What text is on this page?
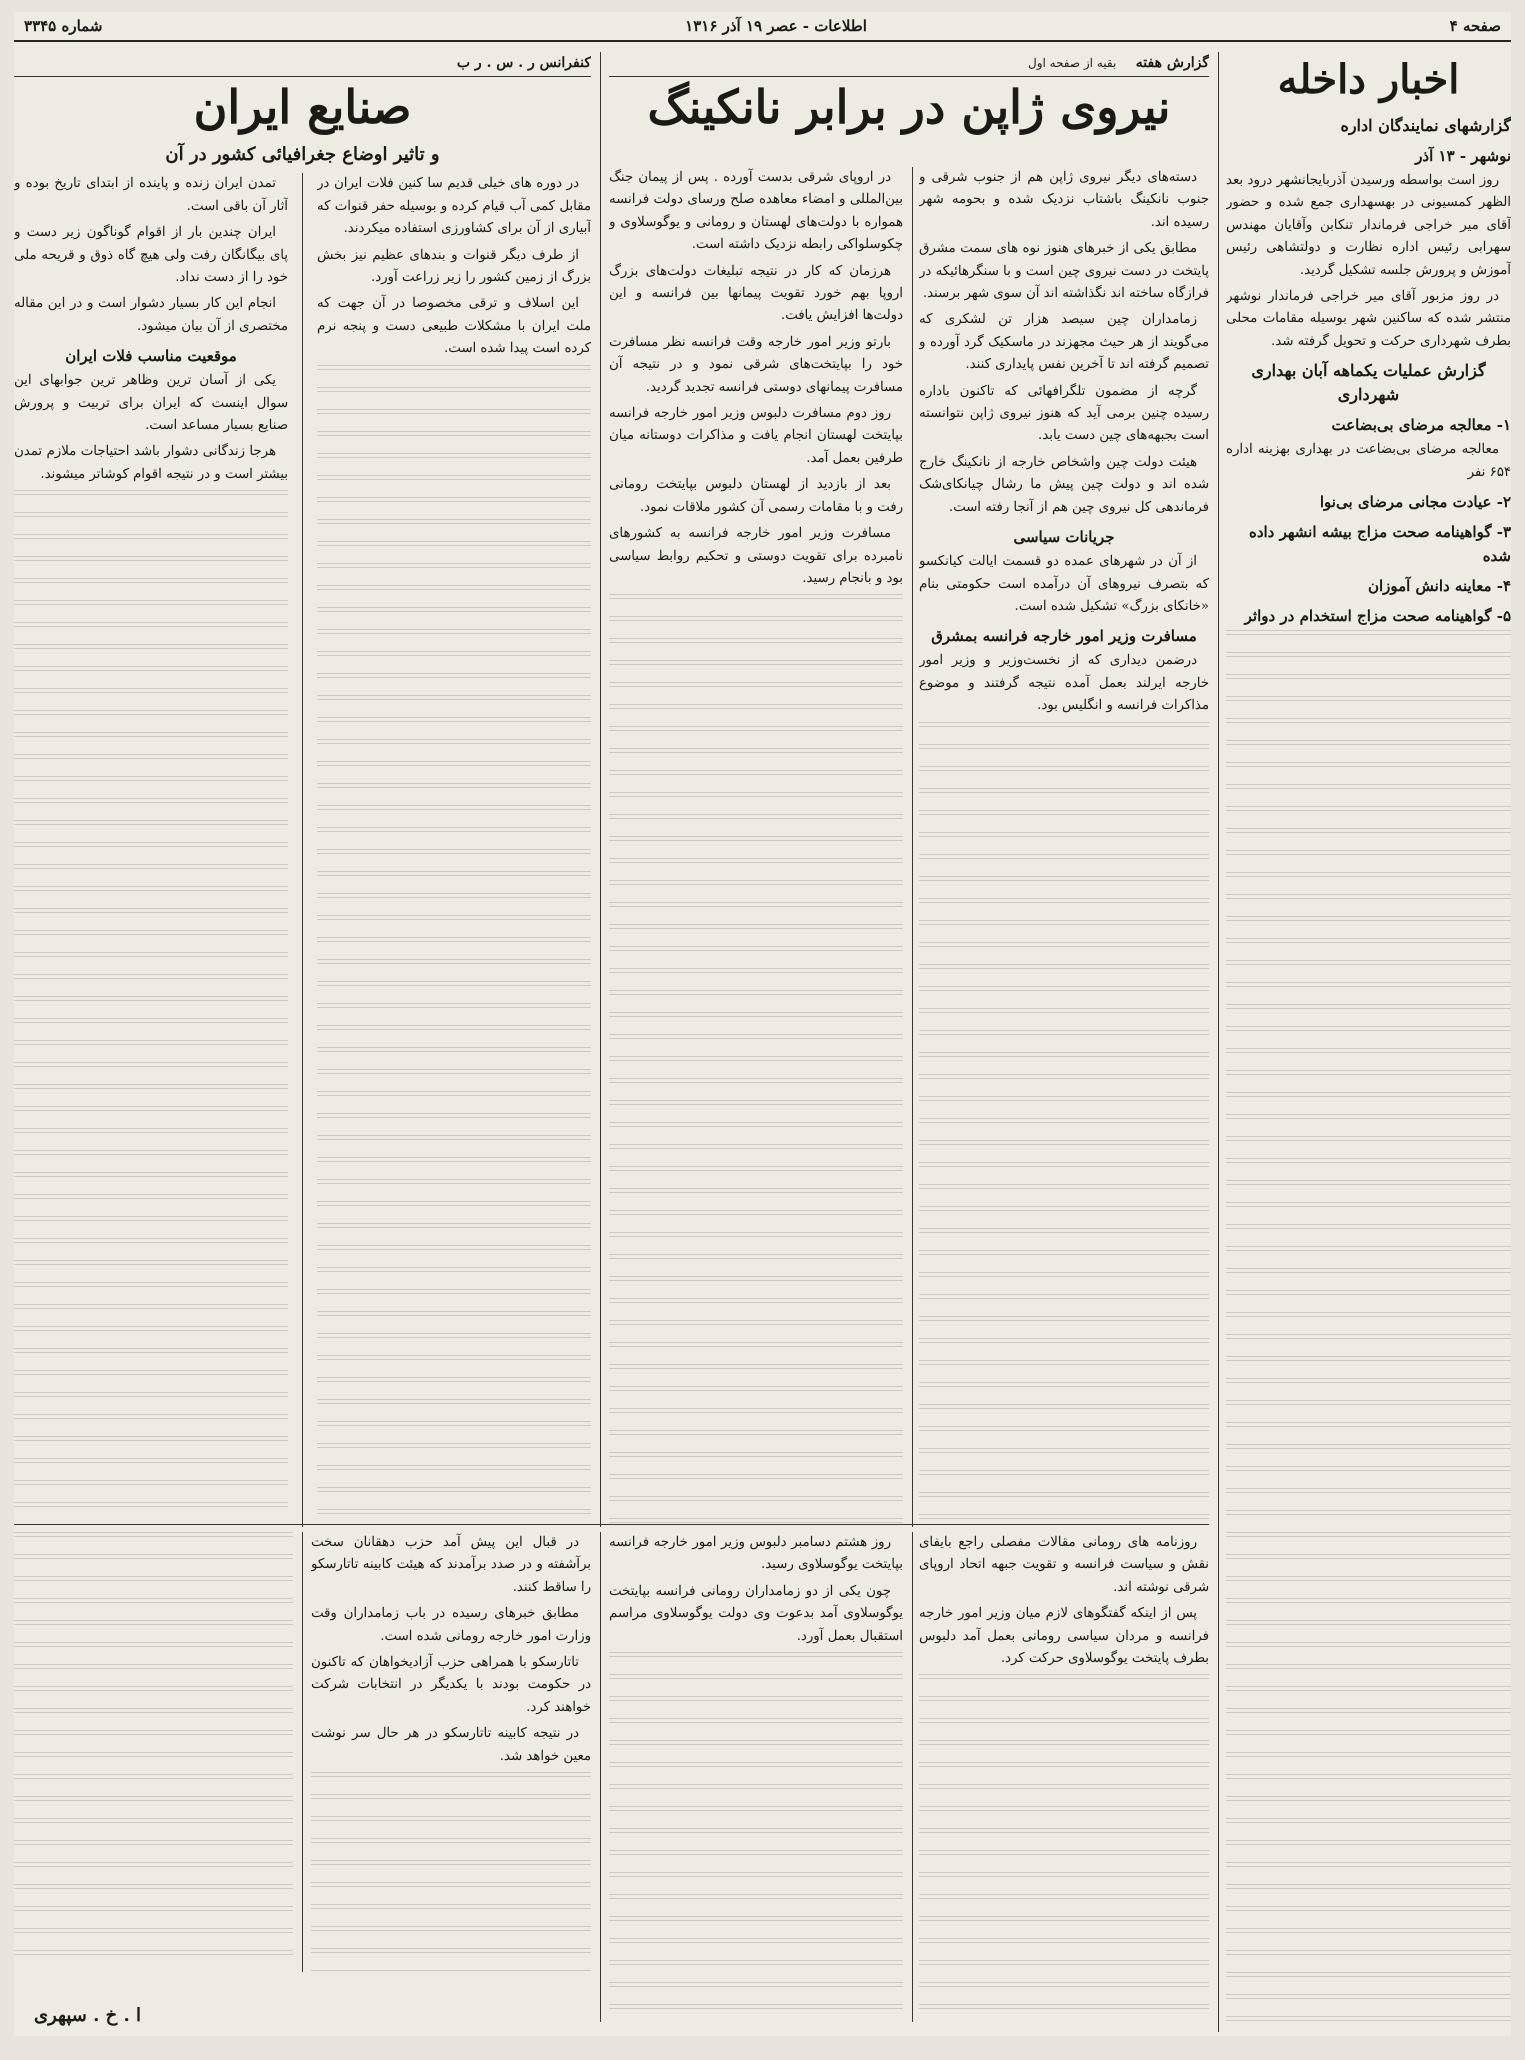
صفحه ۴
اطلاعات - عصر ۱۹ آذر ۱۳۱۶
شماره ۳۳۴۵
اخبار داخله
گزارشهای نمایندگان اداره
نوشهر - ۱۳ آذر

روز است بواسطه ورسیدن آذربایجانشهر درود بعد الظهر کمسیونی در بهسهداری جمع شده و حضور آقای میر خراجی فرماندار تنکابن وآقایان مهندس سهرابی رئیس اداره نظارت و دولتشاهی رئیس آموزش و پرورش جلسه تشکیل گردید.

در روز مزبور آقای میر خراجی فرماندار نوشهر منتشر شده که ساکنین شهر بوسیله مقامات محلی بطرف شهرداری حرکت و تحویل گرفته شد.

گزارش عملیات یکماهه آبان بهداری شهرداری
۱- معالجه مرضای بی‌بضاعت

معالجه مرضای بی‌بضاعت در بهداری بهزینه اداره ۶۵۴ نفر

۲- عیادت مجانی مرضای بی‌نوا
۳- گواهینامه صحت مزاج بیشه انشهر داده شده
۴- معاینه دانش آموزان
۵- گواهینامه صحت مزاج استخدام در دواثر
گزارش هفته    بقیه از صفحه اول
نیروی ژاپن در برابر نانکینگ

دسته‌های دیگر نیروی ژاپن هم از جنوب شرقی و جنوب نانکینگ باشتاب نزدیک شده و بحومه شهر رسیده اند.

مطابق یکی از خبرهای هنوز نوه های سمت مشرق پایتخت در دست نیروی چین است و با سنگرهائیکه در فرازگاه ساخته اند نگذاشته اند آن سوی شهر برسند.

زمامداران چین سیصد هزار تن لشکری که می‌گویند از هر حیث مجهزند در ماسکیک گرد آورده و تصمیم گرفته اند تا آخرین نفس پایداری کنند.

گرچه از مضمون تلگرافهائی که تاکنون باداره رسیده چنین برمی آید که هنوز نیروی ژاپن نتوانسته است بجبهه‌های چین دست یابد.

هیئت دولت چین واشخاص خارجه از نانکینگ خارج شده اند و دولت چین پیش ما رشال چیانکای‌شک فرماندهی کل نیروی چین هم از آنجا رفته است.

جریانات سیاسی

از آن در شهرهای عمده دو قسمت ایالت کیانکسو که بتصرف نیروهای آن درآمده است حکومتی بنام «خانکای بزرگ» تشکیل شده است.

مسافرت وزیر امور خارجه فرانسه بمشرق

درضمن دیداری که از نخست‌وزیر و وزیر امور خارجه ایرلند بعمل آمده نتیجه گرفتند و موضوع مذاکرات فرانسه و انگلیس بود.

در اروپای شرقی بدست آورده . پس از پیمان جنگ بین‌المللی و امضاء معاهده صلح ورسای دولت فرانسه همواره با دولت‌های لهستان و رومانی و یوگوسلاوی و چکوسلواکی رابطه نزدیک داشته است.

هرزمان که کار در نتیجه تبلیغات دولت‌های بزرگ اروپا بهم خورد تقویت پیمانها بین فرانسه و این دولت‌ها افزایش یافت.

بارتو وزیر امور خارجه وقت فرانسه نظر مسافرت خود را بپایتخت‌های شرقی نمود و در نتیجه آن مسافرت پیمانهای دوستی فرانسه تجدید گردید.

روز دوم مسافرت دلبوس وزیر امور خارجه فرانسه بپایتخت لهستان انجام یافت و مذاکرات دوستانه میان طرفین بعمل آمد.

بعد از بازدید از لهستان دلبوس بپایتخت رومانی رفت و با مقامات رسمی آن کشور ملاقات نمود.

مسافرت وزیر امور خارجه فرانسه به کشورهای نامبرده برای تقویت دوستی و تحکیم روابط سیاسی بود و بانجام رسید.

کنفرانس ر . س . ر ب
صنایع ایران
و تاثیر اوضاع جغرافیائی کشور در آن

در دوره های خیلی قدیم سا کنین فلات ایران در مقابل کمی آب قیام کرده و بوسیله حفر قنوات که آبیاری از آن برای کشاورزی استفاده میکردند.

از طرف دیگر قنوات و بندهای عظیم نیز بخش بزرگ از زمین کشور را زیر زراعت آورد.

این اسلاف و ترقی مخصوصا در آن جهت که ملت ایران با مشکلات طبیعی دست و پنجه نرم کرده است پیدا شده است.

تمدن ایران زنده و پاینده از ابتدای تاریخ بوده و آثار آن باقی است.

ایران چندین بار از اقوام گوناگون زیر دست و پای بیگانگان رفت ولی هیچ گاه ذوق و قریحه ملی خود را از دست نداد.

انجام این کار بسیار دشوار است و در این مقاله مختصری از آن بیان میشود.

موقعیت مناسب فلات ایران

یکی از آسان ترین وظاهر ترین جوابهای این سوال اینست که ایران برای تربیت و پرورش صنایع بسیار مساعد است.

هرجا زندگانی دشوار باشد احتیاجات ملازم تمدن بیشتر است و در نتیجه اقوام کوشا‌تر میشوند.

روزنامه های رومانی مقالات مفصلی راجع بایفای نقش و سیاست فرانسه و تقویت جبهه اتحاد اروپای شرقی نوشته اند.

پس از اینکه گفتگوهای لازم میان وزیر امور خارجه فرانسه و مردان سیاسی رومانی بعمل آمد دلبوس بطرف پایتخت یوگوسلاوی حرکت کرد.

روز هشتم دسامبر دلبوس وزیر امور خارجه فرانسه بپایتخت یوگوسلاوی رسید.

چون یکی از دو زمامداران رومانی فرانسه بپایتخت یوگوسلاوی آمد بدعوت وی دولت یوگوسلاوی مراسم استقبال بعمل آورد.

در قبال این پیش آمد حزب دهقانان سخت برآشفته و در صدد برآمدند که هیئت کابینه تاتارسکو را ساقط کنند.

مطابق خبرهای رسیده در باب زمامداران وقت وزارت امور خارجه رومانی شده است.

تاتارسکو با همراهی حزب آزادیخواهان که تاکنون در حکومت بودند با یکدیگر در انتخابات شرکت خواهند کرد.

در نتیجه کابینه تاتارسکو در هر حال سر نوشت معین خواهد شد.

ا . خ . سپهری
